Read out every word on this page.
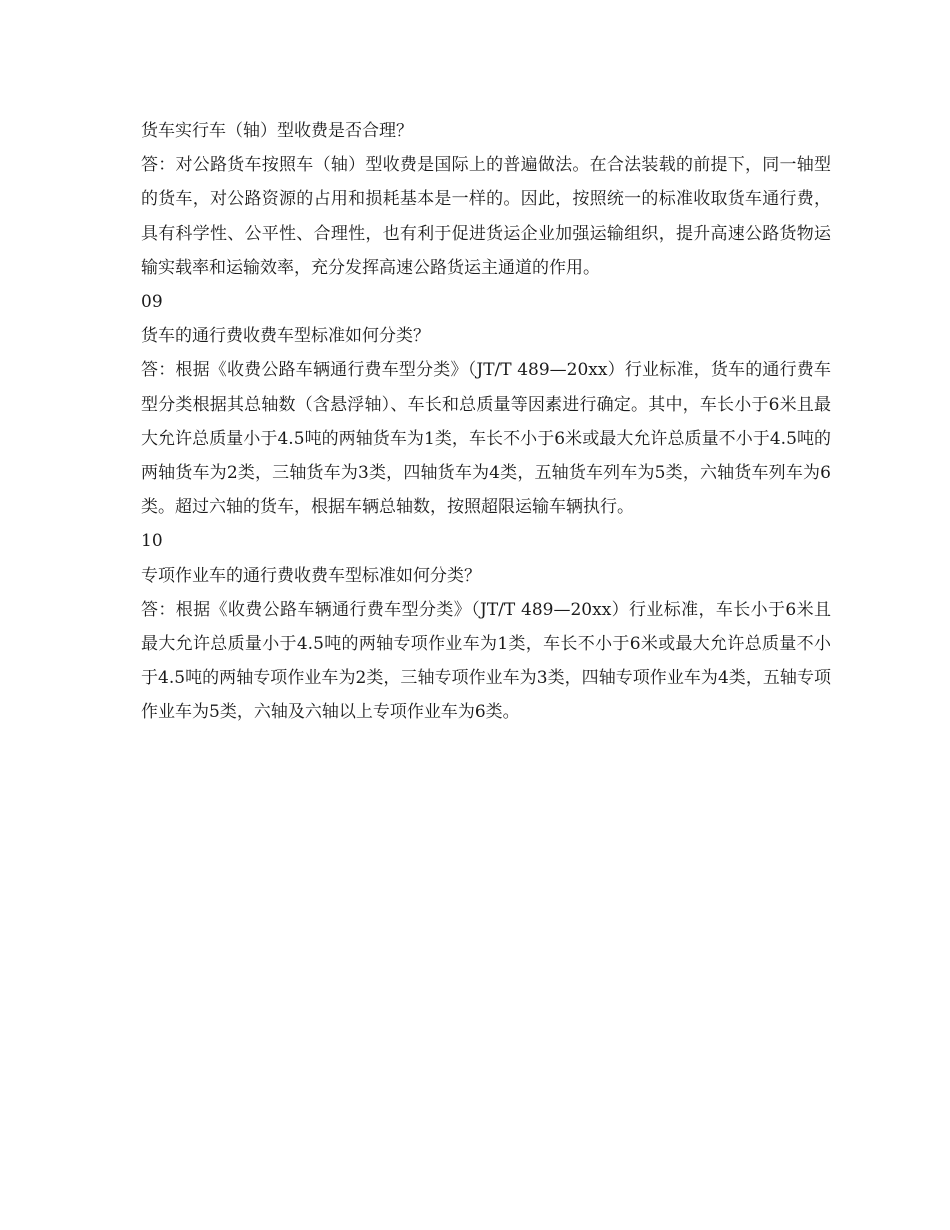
货车实行车（轴）型收费是否合理？

答：对公路货车按照车（轴）型收费是国际上的普遍做法。在合法装载的前提下，同一轴型的货车，对公路资源的占用和损耗基本是一样的。因此，按照统一的标准收取货车通行费，具有科学性、公平性、合理性，也有利于促进货运企业加强运输组织，提升高速公路货物运输实载率和运输效率，充分发挥高速公路货运主通道的作用。

09

货车的通行费收费车型标准如何分类？

答：根据《收费公路车辆通行费车型分类》（JT/T 489—20xx）行业标准，货车的通行费车型分类根据其总轴数（含悬浮轴）、车长和总质量等因素进行确定。其中，车长小于6米且最大允许总质量小于4.5吨的两轴货车为1类，车长不小于6米或最大允许总质量不小于4.5吨的两轴货车为2类，三轴货车为3类，四轴货车为4类，五轴货车列车为5类，六轴货车列车为6类。超过六轴的货车，根据车辆总轴数，按照超限运输车辆执行。

10

专项作业车的通行费收费车型标准如何分类？

答：根据《收费公路车辆通行费车型分类》（JT/T 489—20xx）行业标准，车长小于6米且最大允许总质量小于4.5吨的两轴专项作业车为1类，车长不小于6米或最大允许总质量不小于4.5吨的两轴专项作业车为2类，三轴专项作业车为3类，四轴专项作业车为4类，五轴专项作业车为5类，六轴及六轴以上专项作业车为6类。
